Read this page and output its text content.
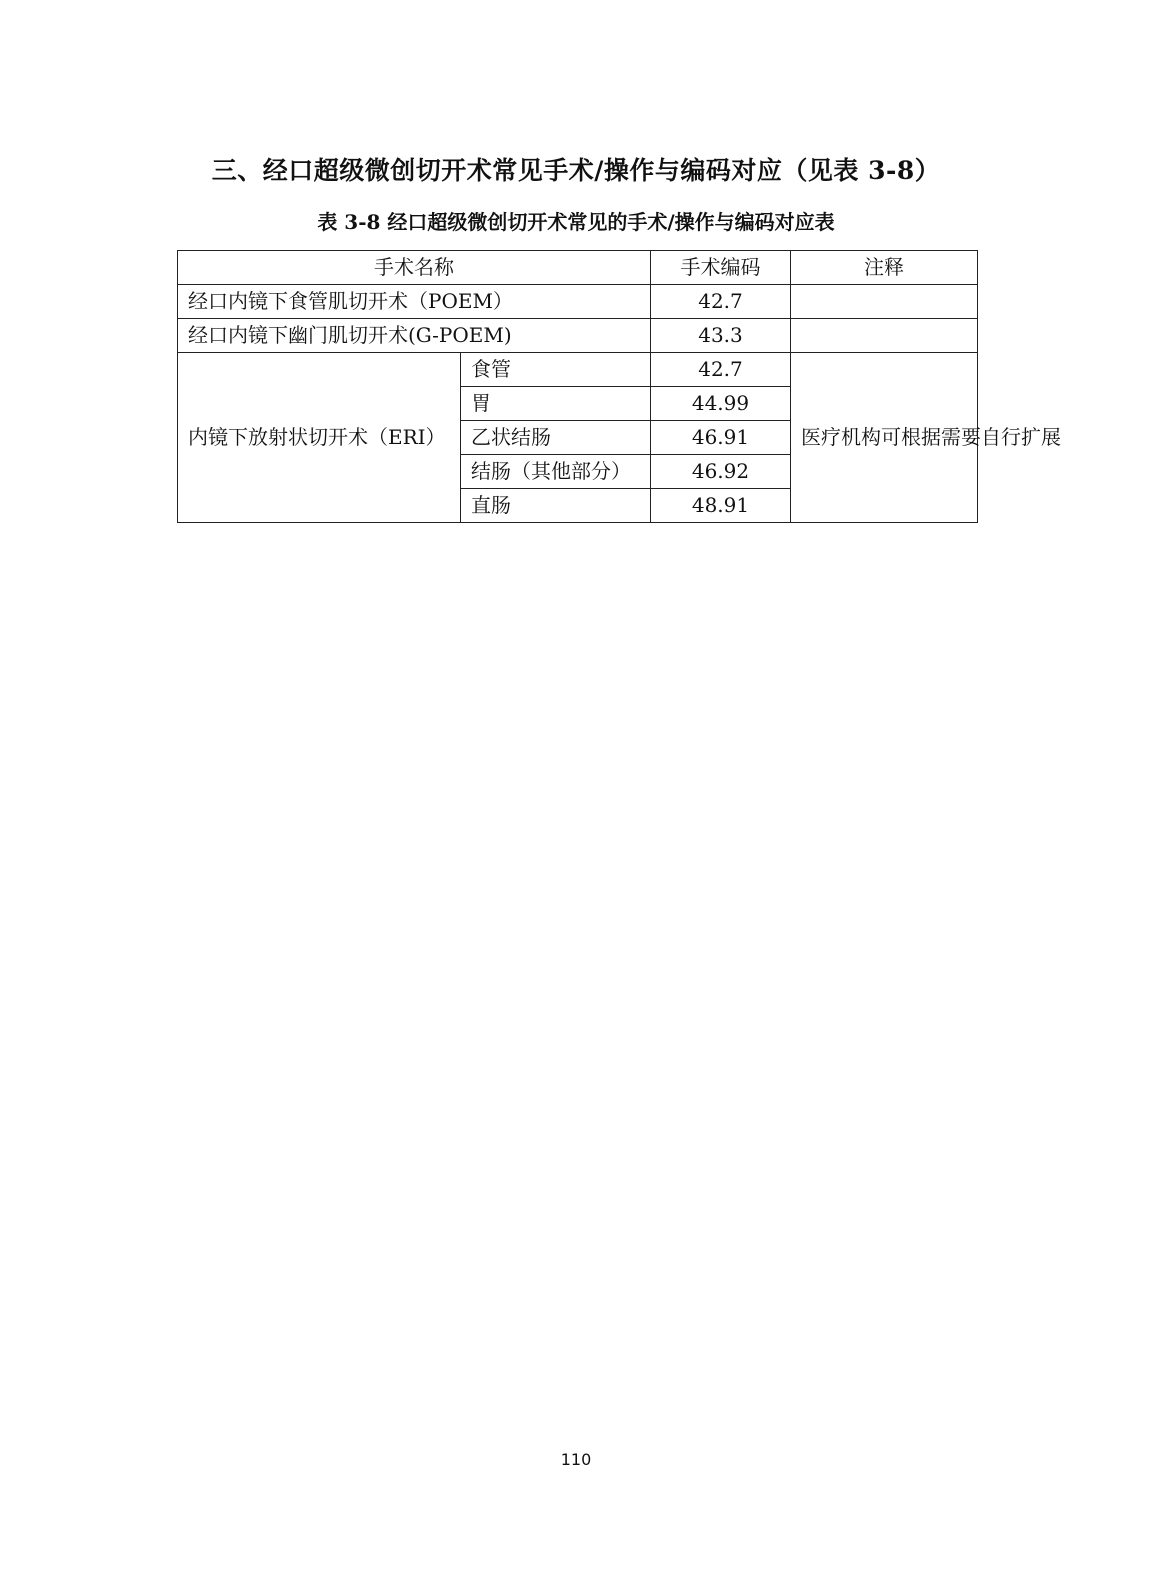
三、经口超级微创切开术常见手术/操作与编码对应（见表 3-8）
表 3-8 经口超级微创切开术常见的手术/操作与编码对应表
手术名称		手术编码	注释
经口内镜下食管肌切开术（POEM）		42.7	
经口内镜下幽门肌切开术(G-POEM)		43.3	
内镜下放射状切开术（ERI）	食管	42.7	医疗机构可根据需要自行扩展
	胃	44.99	
	乙状结肠	46.91	
	结肠（其他部分）	46.92	
	直肠	48.91	
110
